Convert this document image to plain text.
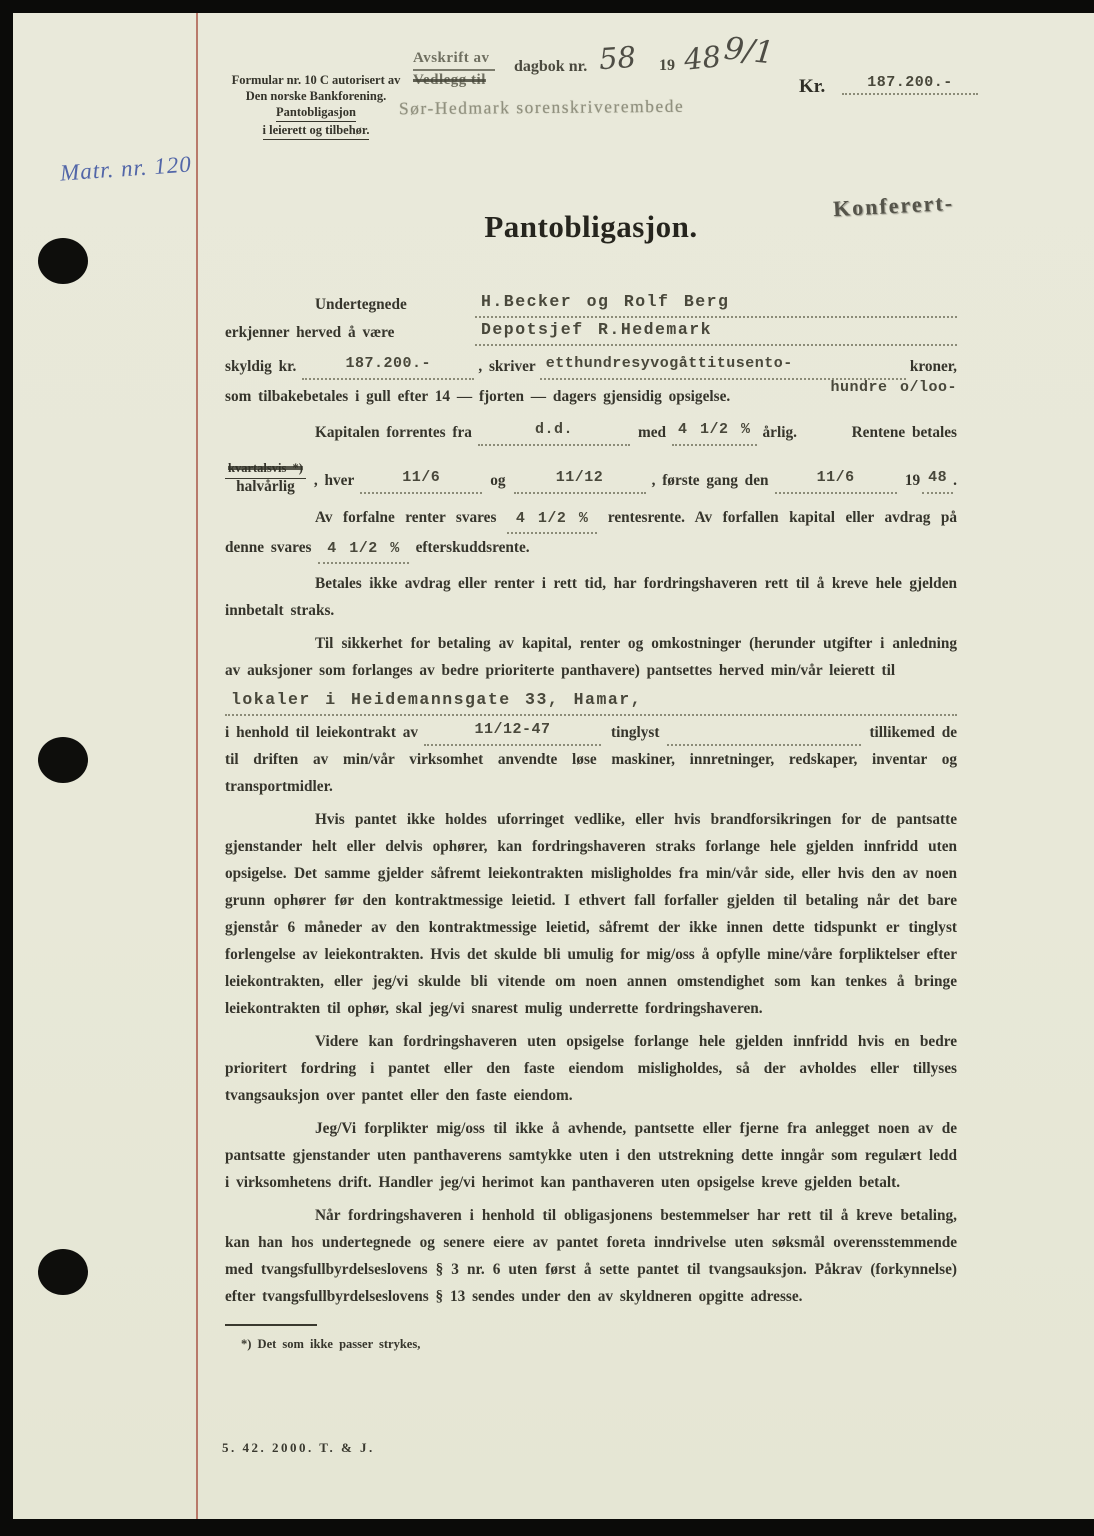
Formular nr. 10 C autorisert av
Den norske Bankforening.
Pantobligasjon
i leierett og tilbehør.
Avskrift av
Vedlegg til
dagbok nr. 58 19 48 9/1
Sør-Hedmark sorenskriverembede
Kr.	187.200.-
Konferert-
Matr. nr. 120
Pantobligasjon.
Undertegnede	H.Becker og Rolf Berg
erkjenner herved å være	Depotsjef R.Hedemark
skyldig kr.	187.200.-	, skriver etthundresyvogåttitusento-	kroner,
som tilbakebetales i gull efter 14 — fjorten — dagers gjensidig opsigelse.
hundre o/loo-
Kapitalen forrentes fra	d.d.	med 4 1/2 % årlig.	Rentene betales
kvartalsvis *)
halvårlig	, hver	11/6	og	11/12	, første gang den	11/6	19 48 .

Av forfalne renter svares 4 1/2 % rentesrente. Av forfallen kapital eller avdrag på denne svares 4 1/2 % efterskuddsrente.

Betales ikke avdrag eller renter i rett tid, har fordringshaveren rett til å kreve hele gjelden innbetalt straks.

Til sikkerhet for betaling av kapital, renter og omkostninger (herunder utgifter i anledning av auksjoner som forlanges av bedre prioriterte panthavere) pantsettes herved min/vår leierett til

lokaler i Heidemannsgate 33, Hamar,
i henhold til leiekontrakt av	11/12-47	tinglyst	tillikemed de

til driften av min/vår virksomhet anvendte løse maskiner, innretninger, redskaper, inventar og transportmidler.

Hvis pantet ikke holdes uforringet vedlike, eller hvis brandforsikringen for de pantsatte gjenstander helt eller delvis ophører, kan fordringshaveren straks forlange hele gjelden innfridd uten opsigelse. Det samme gjelder såfremt leiekontrakten misligholdes fra min/vår side, eller hvis den av noen grunn ophører før den kontraktmessige leietid. I ethvert fall forfaller gjelden til betaling når det bare gjenstår 6 måneder av den kontraktmessige leietid, såfremt der ikke innen dette tidspunkt er tinglyst forlengelse av leiekontrakten. Hvis det skulde bli umulig for mig/oss å opfylle mine/våre forpliktelser efter leiekontrakten, eller jeg/vi skulde bli vitende om noen annen omstendighet som kan tenkes å bringe leiekontrakten til ophør, skal jeg/vi snarest mulig underrette fordringshaveren.

Videre kan fordringshaveren uten opsigelse forlange hele gjelden innfridd hvis en bedre prioritert fordring i pantet eller den faste eiendom misligholdes, så der avholdes eller tillyses tvangsauksjon over pantet eller den faste eiendom.

Jeg/Vi forplikter mig/oss til ikke å avhende, pantsette eller fjerne fra anlegget noen av de pantsatte gjenstander uten panthaverens samtykke uten i den utstrekning dette inngår som regulært ledd i virksomhetens drift. Handler jeg/vi herimot kan panthaveren uten opsigelse kreve gjelden betalt.

Når fordringshaveren i henhold til obligasjonens bestemmelser har rett til å kreve betaling, kan han hos undertegnede og senere eiere av pantet foreta inndrivelse uten søksmål overensstemmende med tvangsfullbyrdelseslovens § 3 nr. 6 uten først å sette pantet til tvangsauksjon. Påkrav (forkynnelse) efter tvangsfullbyrdelseslovens § 13 sendes under den av skyldneren opgitte adresse.

*) Det som ikke passer strykes,
5. 42. 2000. T. & J.
